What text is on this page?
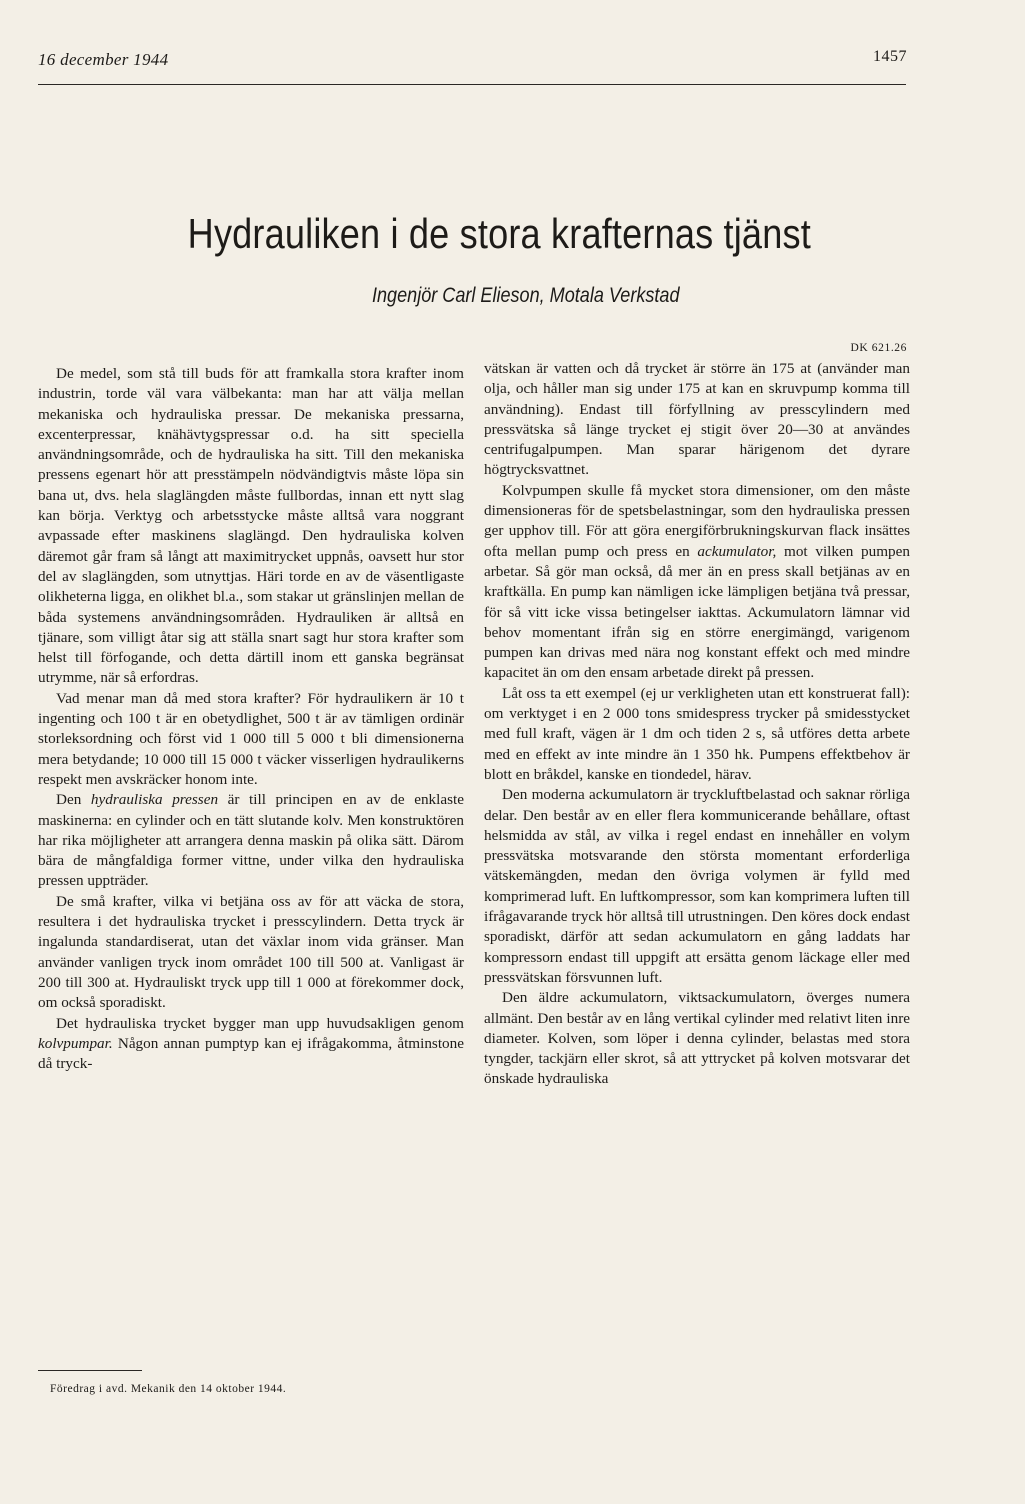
16 december 1944	1457
Hydrauliken i de stora krafternas tjänst
Ingenjör Carl Elieson, Motala Verkstad
DK 621.26

De medel, som stå till buds för att framkalla stora krafter inom industrin, torde väl vara välbekanta: man har att välja mellan mekaniska och hydrauliska pressar. De mekaniska pressarna, excenterpressar, knähävtygspressar o.d. ha sitt speciella användningsområde, och de hydrauliska ha sitt. Till den mekaniska pressens egenart hör att presstämpeln nödvändigtvis måste löpa sin bana ut, dvs. hela slaglängden måste fullbordas, innan ett nytt slag kan börja. Verktyg och arbetsstycke måste alltså vara noggrant avpassade efter maskinens slaglängd. Den hydrauliska kolven däremot går fram så långt att maximitrycket uppnås, oavsett hur stor del av slaglängden, som utnyttjas. Häri torde en av de väsentligaste olikheterna ligga, en olikhet bl.a., som stakar ut gränslinjen mellan de båda systemens användningsområden. Hydrauliken är alltså en tjänare, som villigt åtar sig att ställa snart sagt hur stora krafter som helst till förfogande, och detta därtill inom ett ganska begränsat utrymme, när så erfordras.

Vad menar man då med stora krafter? För hydraulikern är 10 t ingenting och 100 t är en obetydlighet, 500 t är av tämligen ordinär storleksordning och först vid 1 000 till 5 000 t bli dimensionerna mera betydande; 10 000 till 15 000 t väcker visserligen hydraulikerns respekt men avskräcker honom inte.

Den hydrauliska pressen är till principen en av de enklaste maskinerna: en cylinder och en tätt slutande kolv. Men konstruktören har rika möjligheter att arrangera denna maskin på olika sätt. Därom bära de mångfaldiga former vittne, under vilka den hydrauliska pressen uppträder.

De små krafter, vilka vi betjäna oss av för att väcka de stora, resultera i det hydrauliska trycket i presscylindern. Detta tryck är ingalunda standardiserat, utan det växlar inom vida gränser. Man använder vanligen tryck inom området 100 till 500 at. Vanligast är 200 till 300 at. Hydrauliskt tryck upp till 1 000 at förekommer dock, om också sporadiskt.

Det hydrauliska trycket bygger man upp huvudsakligen genom kolvpumpar. Någon annan pumptyp kan ej ifrågakomma, åtminstone då tryck-

vätskan är vatten och då trycket är större än 175 at (använder man olja, och håller man sig under 175 at kan en skruvpump komma till användning). Endast till förfyllning av presscylindern med pressvätska så länge trycket ej stigit över 20—30 at användes centrifugalpumpen. Man sparar härigenom det dyrare högtrycksvattnet.

Kolvpumpen skulle få mycket stora dimensioner, om den måste dimensioneras för de spetsbelastningar, som den hydrauliska pressen ger upphov till. För att göra energiförbrukningskurvan flack insättes ofta mellan pump och press en ackumulator, mot vilken pumpen arbetar. Så gör man också, då mer än en press skall betjänas av en kraftkälla. En pump kan nämligen icke lämpligen betjäna två pressar, för så vitt icke vissa betingelser iakttas. Ackumulatorn lämnar vid behov momentant ifrån sig en större energimängd, varigenom pumpen kan drivas med nära nog konstant effekt och med mindre kapacitet än om den ensam arbetade direkt på pressen.

Låt oss ta ett exempel (ej ur verkligheten utan ett konstruerat fall): om verktyget i en 2 000 tons smidespress trycker på smidesstycket med full kraft, vägen är 1 dm och tiden 2 s, så utföres detta arbete med en effekt av inte mindre än 1 350 hk. Pumpens effektbehov är blott en bråkdel, kanske en tiondedel, härav.

Den moderna ackumulatorn är tryckluftbelastad och saknar rörliga delar. Den består av en eller flera kommunicerande behållare, oftast helsmidda av stål, av vilka i regel endast en innehåller en volym pressvätska motsvarande den största momentant erforderliga vätskemängden, medan den övriga volymen är fylld med komprimerad luft. En luftkompressor, som kan komprimera luften till ifrågavarande tryck hör alltså till utrustningen. Den köres dock endast sporadiskt, därför att sedan ackumulatorn en gång laddats har kompressorn endast till uppgift att ersätta genom läckage eller med pressvätskan försvunnen luft.

Den äldre ackumulatorn, viktsackumulatorn, överges numera allmänt. Den består av en lång vertikal cylinder med relativt liten inre diameter. Kolven, som löper i denna cylinder, belastas med stora tyngder, tackjärn eller skrot, så att yttrycket på kolven motsvarar det önskade hydrauliska

Föredrag i avd. Mekanik den 14 oktober 1944.
